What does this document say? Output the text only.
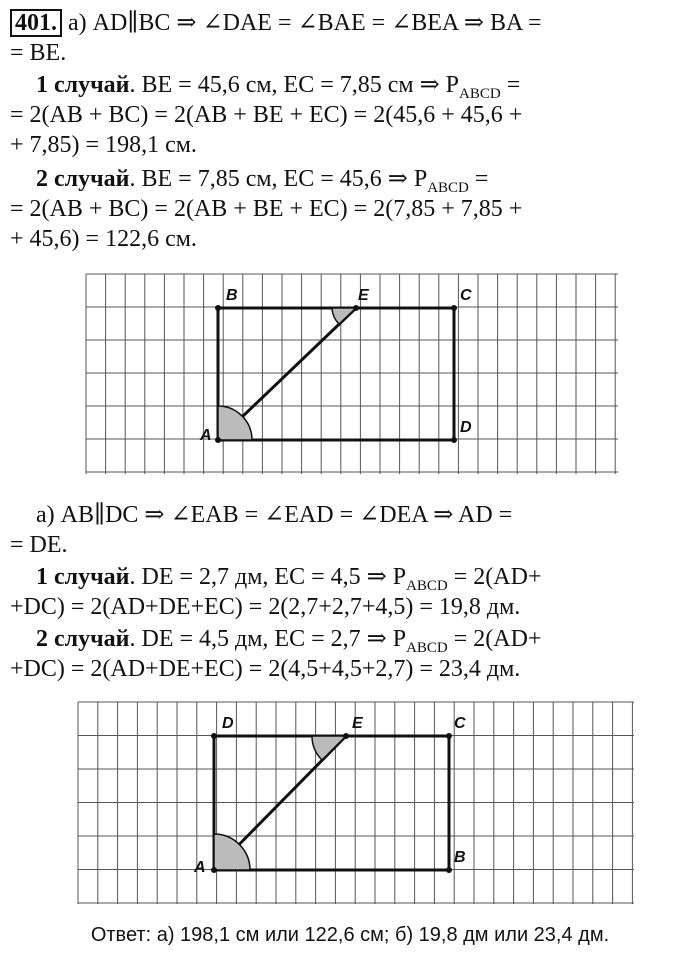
401. а) AD∥BC ⇒ ∠DAE = ∠BAE = ∠BEA ⇒ BA =
= BE.
1 случай. BE = 45,6 см, EC = 7,85 см ⇒ $P_{ABCD}$ =
= 2(AB + BC) = 2(AB + BE + EC) = 2(45,6 + 45,6 +
+ 7,85) = 198,1 см.
2 случай. BE = 7,85 см, EC = 45,6 ⇒ $P_{ABCD}$ =
= 2(AB + BC) = 2(AB + BE + EC) = 2(7,85 + 7,85 +
+ 45,6) = 122,6 см.
а) AB∥DC ⇒ ∠EAB = ∠EAD = ∠DEA ⇒ AD =
= DE.
1 случай. DE = 2,7 дм, EC = 4,5 ⇒ $P_{ABCD} = 2(AD+$
+DC) = 2(AD+DE+EC) = 2(2,7+2,7+4,5) = 19,8 дм.
2 случай. DE = 4,5 дм, EC = 2,7 ⇒ $P_{ABCD} = 2(AD+$
+DC) = 2(AD+DE+EC) = 2(4,5+4,5+2,7) = 23,4 дм.
A
B	E	C
D
A
D	E	C
B
Ответ: а) 198,1 см или 122,6 см; б) 19,8 дм или 23,4 дм.
